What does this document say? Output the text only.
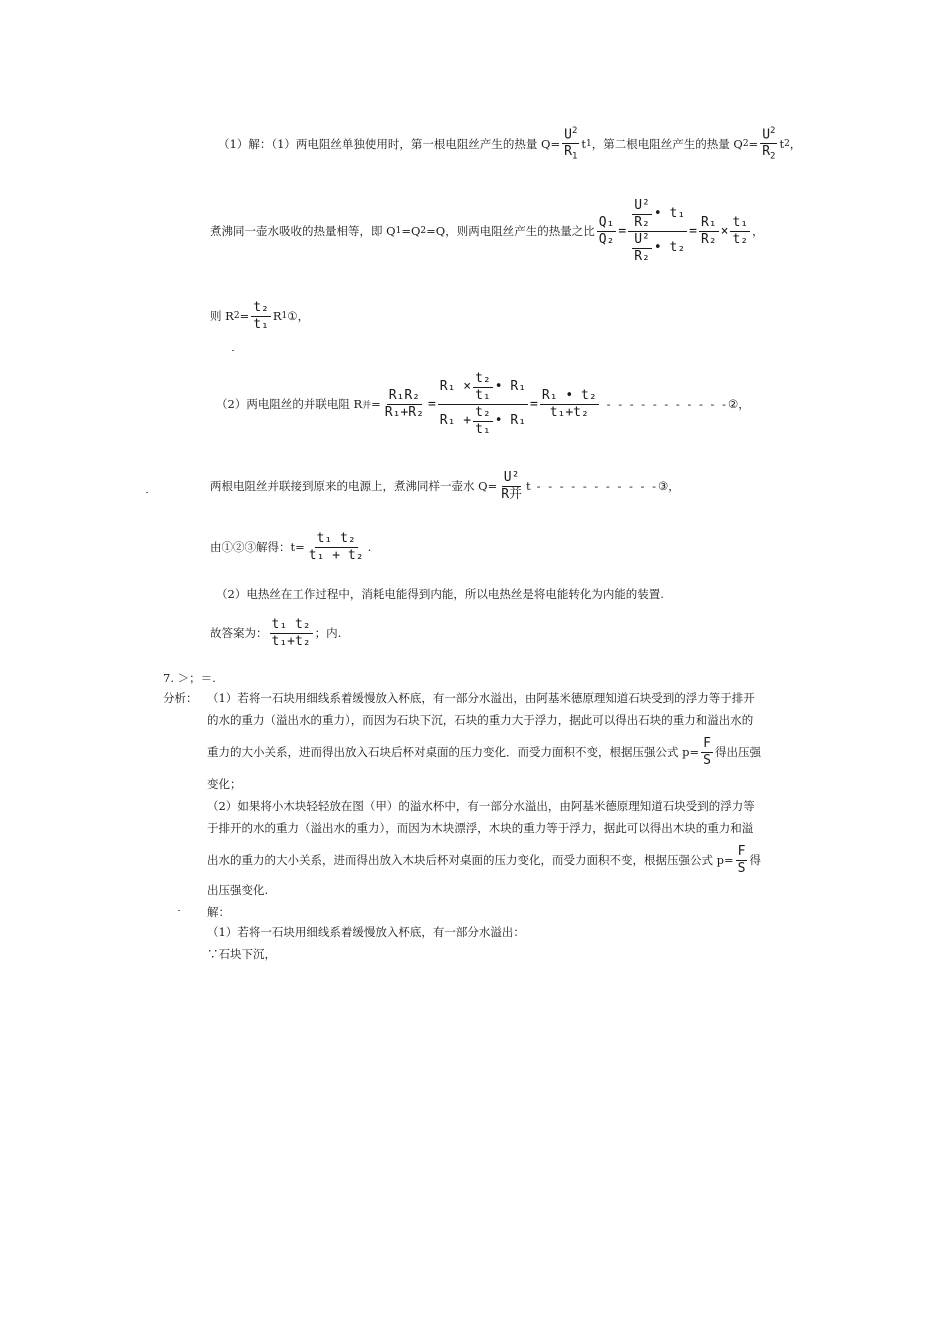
（1）解：（1）两电阻丝单独使用时，第一根电阻丝产生的热量 $Q= \frac{U^2}{R_1}$ t 1 ，第二根电阻丝产生的热量 Q $2 = \frac{U^2}{R_2}$ t 2 ，
煮沸同一壶水吸收的热量相等，即 Q 1 =Q 2 =Q，则两电阻丝产生的热量之比 $\frac{\text{Q₁}}{\text{Q₂}} = \frac{\frac{\text{U²}}{\text{R₂}} • t_1}{\frac{\text{U²}}{\text{R₂}} • t_2} = \frac{\text{R₁}}{\text{R₂}} \times \frac{\text{t₁}}{\text{t₂}}$ ，
则 R $2 = \frac{\text{t₂}}{\text{t₁}}$ R 1 ①，
（2）两电阻丝的并联电阻 R 并 = $\frac{\text{R₁R₂}}{\text{R₁+R₂}} = \frac{R_1 \times \frac{\text{t₂}}{\text{t₁}} • R_1}{R_1 + \frac{\text{t₂}}{\text{t₁}} • R_1} = \frac{\text{R₁ • t₂}}{\text{t₁+t₂}}$ - - - - - - - - - - - ②，
两根电阻丝并联接到原来的电源上，煮沸同样一壶水 $Q= \frac{\text{U²}}{\text{R并}}$ t - - - - - - - - - - - ③，
由①②③解得：$t= \frac{\text{t₁ t₂}}{\text{t₁ + t₂}}$ .
（2）电热丝在工作过程中，消耗电能得到内能，所以电热丝是将电能转化为内能的装置.
故答案为： $\frac{\text{t₁ t₂}}{\text{t₁+t₂}}$ ；内.
7. ＞；＝.
分析： （1）若将一石块用细线系着缓慢放入杯底，有一部分水溢出，由阿基米德原理知道石块受到的浮力等于排开
的水的重力（溢出水的重力），而因为石块下沉，石块的重力大于浮力，据此可以得出石块的重力和溢出水的
重力的大小关系，进而得出放入石块后杯对桌面的压力变化．而受力面积不变，根据压强公式 $p= \frac{F}{S}$ 得出压强
变化；
（2）如果将小木块轻轻放在图（甲）的溢水杯中，有一部分水溢出，由阿基米德原理知道石块受到的浮力等
于排开的水的重力（溢出水的重力），而因为木块漂浮，木块的重力等于浮力，据此可以得出木块的重力和溢
出水的重力的大小关系，进而得出放入木块后杯对桌面的压力变化，而受力面积不变，根据压强公式 $p= \frac{F}{S}$ 得
出压强变化.
解：
（1）若将一石块用细线系着缓慢放入杯底，有一部分水溢出：
∵石块下沉，
